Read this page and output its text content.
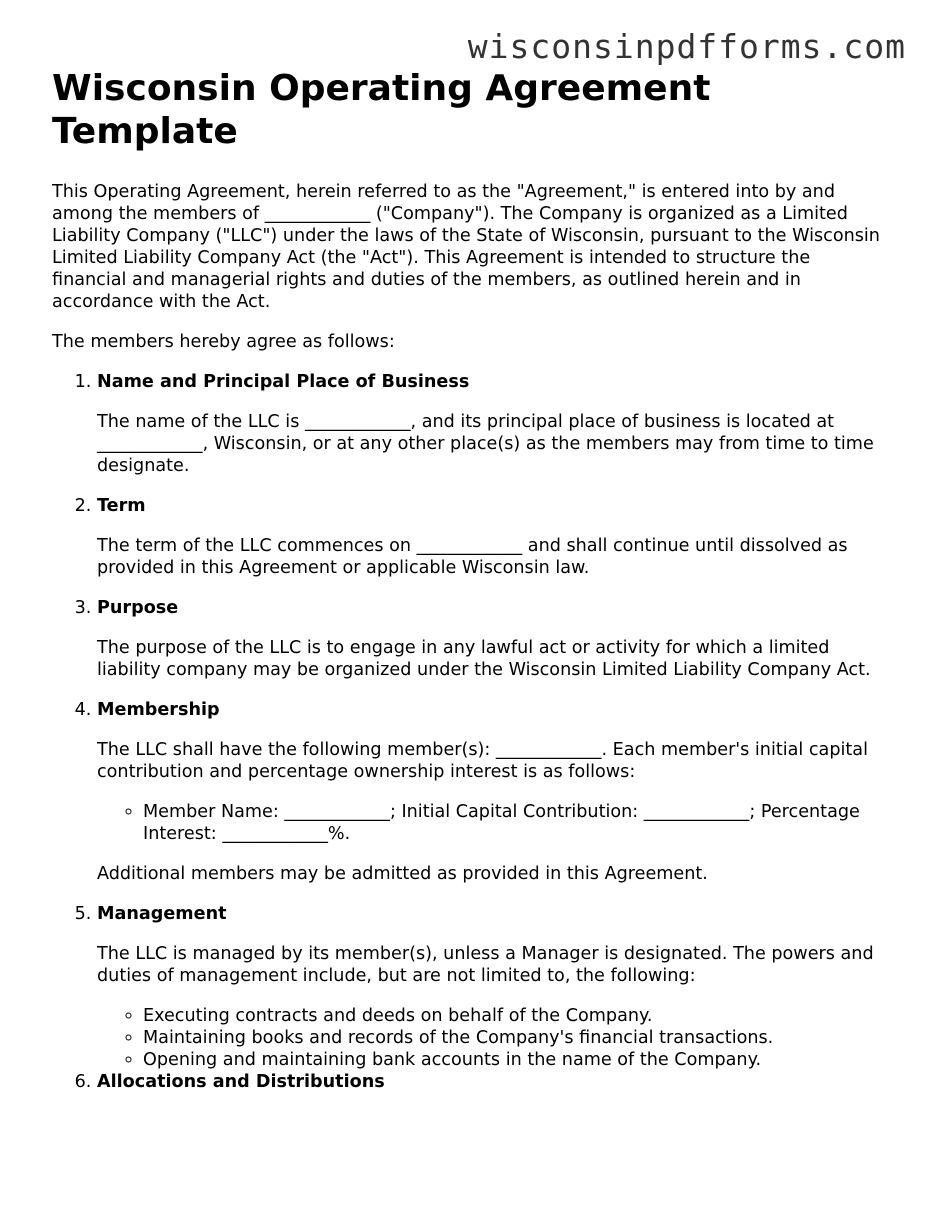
wisconsinpdfforms.com
Wisconsin Operating Agreement Template

This Operating Agreement, herein referred to as the "Agreement," is entered into by and among the members of ____________ ("Company"). The Company is organized as a Limited Liability Company ("LLC") under the laws of the State of Wisconsin, pursuant to the Wisconsin Limited Liability Company Act (the "Act"). This Agreement is intended to structure the financial and managerial rights and duties of the members, as outlined herein and in accordance with the Act.

The members hereby agree as follows:

1. Name and Principal Place of Business

The name of the LLC is ____________, and its principal place of business is located at ____________, Wisconsin, or at any other place(s) as the members may from time to time designate.

2. Term

The term of the LLC commences on ____________ and shall continue until dissolved as provided in this Agreement or applicable Wisconsin law.

3. Purpose

The purpose of the LLC is to engage in any lawful act or activity for which a limited liability company may be organized under the Wisconsin Limited Liability Company Act.

4. Membership

The LLC shall have the following member(s): ____________. Each member's initial capital contribution and percentage ownership interest is as follows:

◦ Member Name: ____________; Initial Capital Contribution: ____________; Percentage Interest: ____________%.

Additional members may be admitted as provided in this Agreement.

5. Management

The LLC is managed by its member(s), unless a Manager is designated. The powers and duties of management include, but are not limited to, the following:

◦ Executing contracts and deeds on behalf of the Company.
◦ Maintaining books and records of the Company's financial transactions.
◦ Opening and maintaining bank accounts in the name of the Company.
6. Allocations and Distributions
